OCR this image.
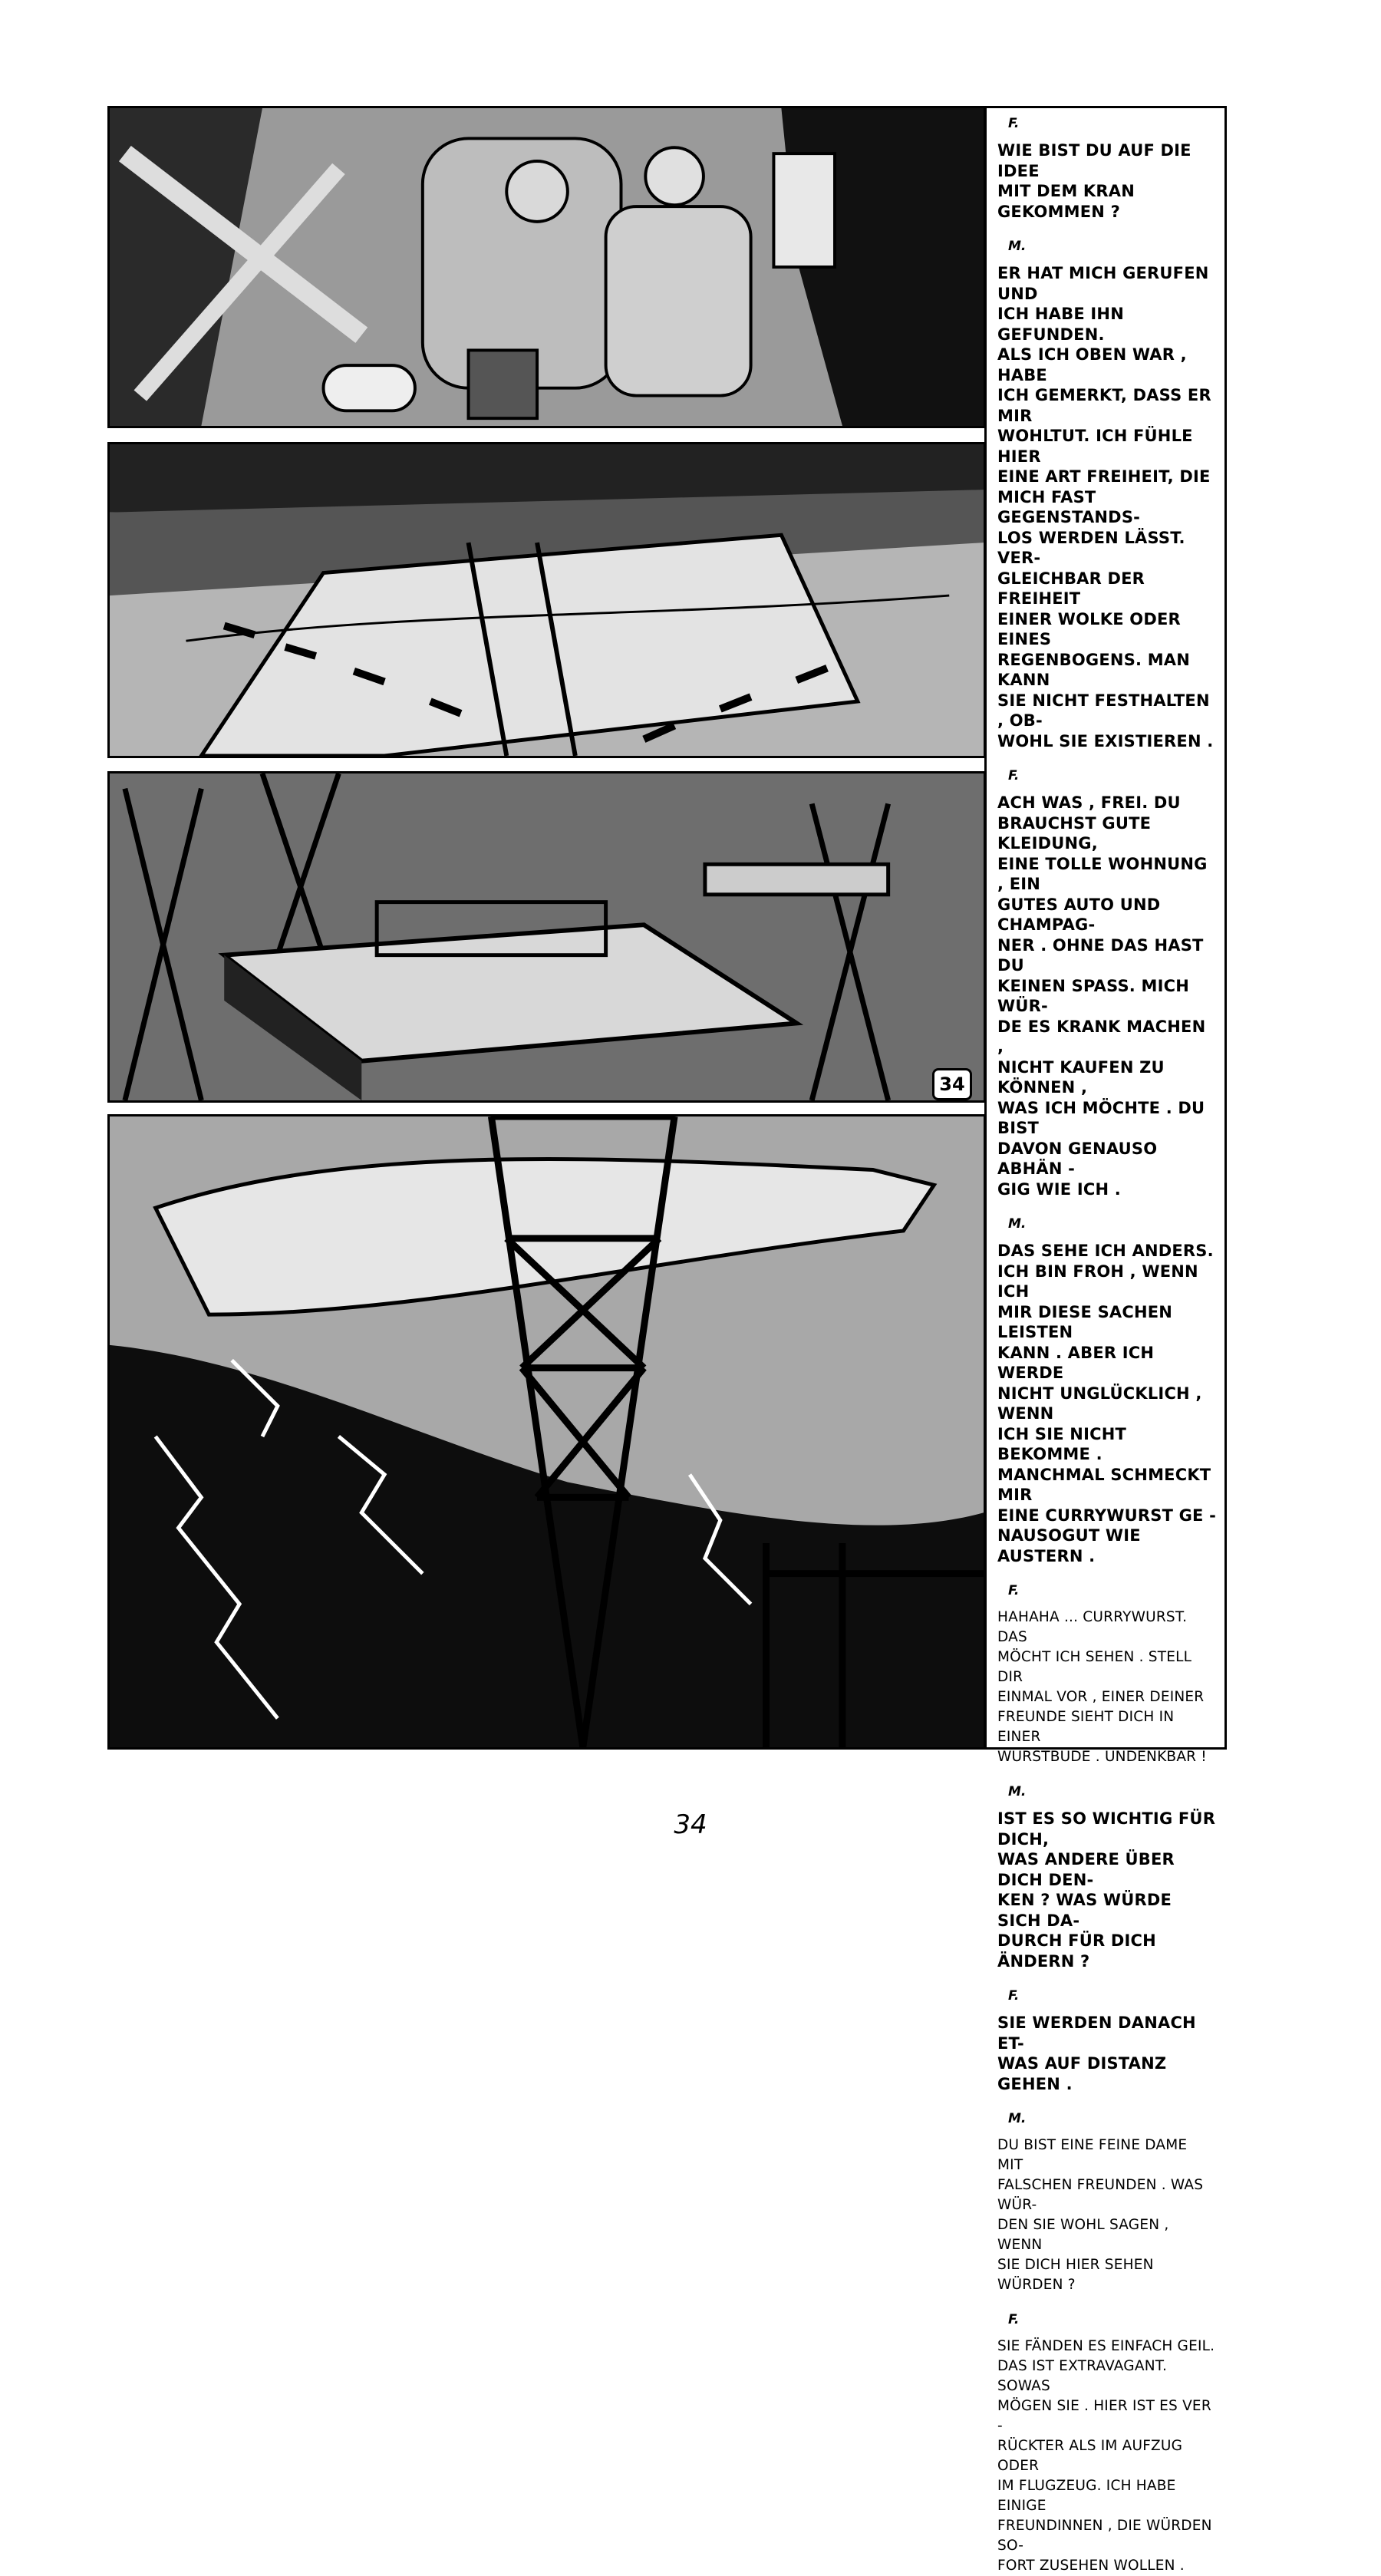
34
F.
WIE BIST DU AUF DIE IDEE
MIT DEM KRAN
GEKOMMEN ?
M.
ER HAT MICH GERUFEN UND
ICH HABE IHN GEFUNDEN.
ALS ICH OBEN WAR , HABE
ICH GEMERKT, DASS ER MIR
WOHLTUT. ICH FÜHLE HIER
EINE ART FREIHEIT, DIE
MICH FAST GEGENSTANDS-
LOS WERDEN LÄSST. VER-
GLEICHBAR DER FREIHEIT
EINER WOLKE ODER EINES
REGENBOGENS. MAN KANN
SIE NICHT FESTHALTEN , OB-
WOHL SIE EXISTIEREN .
F.
ACH WAS , FREI. DU
BRAUCHST GUTE KLEIDUNG,
EINE TOLLE WOHNUNG , EIN
GUTES AUTO UND CHAMPAG-
NER . OHNE DAS HAST DU
KEINEN SPASS. MICH WÜR-
DE ES KRANK MACHEN ,
NICHT KAUFEN ZU KÖNNEN ,
WAS ICH MÖCHTE . DU BIST
DAVON GENAUSO ABHÄN -
GIG WIE ICH .
M.
DAS SEHE ICH ANDERS.
ICH BIN FROH , WENN ICH
MIR DIESE SACHEN LEISTEN
KANN . ABER ICH WERDE
NICHT UNGLÜCKLICH , WENN
ICH SIE NICHT BEKOMME .
MANCHMAL SCHMECKT MIR
EINE CURRYWURST GE -
NAUSOGUT WIE AUSTERN .
F.
HAHAHA ... CURRYWURST. DAS
MÖCHT ICH SEHEN . STELL DIR
EINMAL VOR , EINER DEINER
FREUNDE SIEHT DICH IN EINER
WURSTBUDE . UNDENKBAR !
M.
IST ES SO WICHTIG FÜR DICH,
WAS ANDERE ÜBER DICH DEN-
KEN ? WAS WÜRDE SICH DA-
DURCH FÜR DICH ÄNDERN ?
F.
SIE WERDEN DANACH ET-
WAS AUF DISTANZ GEHEN .
M.
DU BIST EINE FEINE DAME MIT
FALSCHEN FREUNDEN . WAS WÜR-
DEN SIE WOHL SAGEN , WENN
SIE DICH HIER SEHEN WÜRDEN ?
F.
SIE FÄNDEN ES EINFACH GEIL.
DAS IST EXTRAVAGANT. SOWAS
MÖGEN SIE . HIER IST ES VER -
RÜCKTER ALS IM AUFZUG ODER
IM FLUGZEUG. ICH HABE EINIGE
FREUNDINNEN , DIE WÜRDEN SO-
FORT ZUSEHEN WOLLEN .
34
